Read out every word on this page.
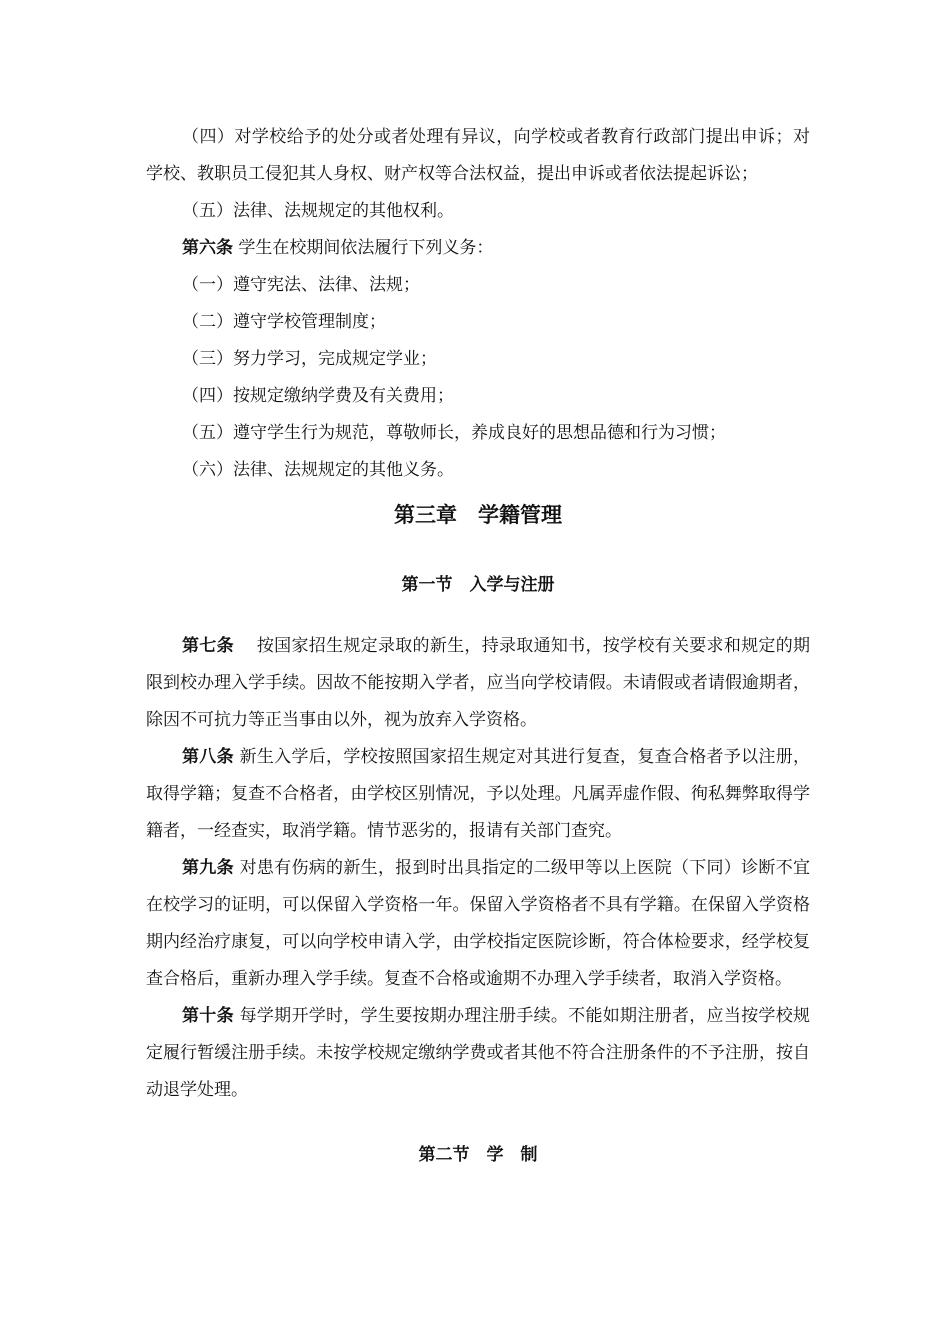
（四）对学校给予的处分或者处理有异议，向学校或者教育行政部门提出申诉；对学校、教职员工侵犯其人身权、财产权等合法权益，提出申诉或者依法提起诉讼；

（五）法律、法规规定的其他权利。

第六条 学生在校期间依法履行下列义务：

（一）遵守宪法、法律、法规；

（二）遵守学校管理制度；

（三）努力学习，完成规定学业；

（四）按规定缴纳学费及有关费用；

（五）遵守学生行为规范，尊敬师长，养成良好的思想品德和行为习惯；

（六）法律、法规规定的其他义务。

第三章　学籍管理
第一节　入学与注册

第七条　 按国家招生规定录取的新生，持录取通知书，按学校有关要求和规定的期限到校办理入学手续。因故不能按期入学者，应当向学校请假。未请假或者请假逾期者，除因不可抗力等正当事由以外，视为放弃入学资格。

第八条 新生入学后，学校按照国家招生规定对其进行复查，复查合格者予以注册，取得学籍；复查不合格者，由学校区别情况，予以处理。凡属弄虚作假、徇私舞弊取得学籍者，一经查实，取消学籍。情节恶劣的，报请有关部门查究。

第九条 对患有伤病的新生，报到时出具指定的二级甲等以上医院（下同）诊断不宜在校学习的证明，可以保留入学资格一年。保留入学资格者不具有学籍。在保留入学资格期内经治疗康复，可以向学校申请入学，由学校指定医院诊断，符合体检要求，经学校复查合格后，重新办理入学手续。复查不合格或逾期不办理入学手续者，取消入学资格。

第十条 每学期开学时，学生要按期办理注册手续。不能如期注册者，应当按学校规定履行暂缓注册手续。未按学校规定缴纳学费或者其他不符合注册条件的不予注册，按自动退学处理。

第二节　学　制
